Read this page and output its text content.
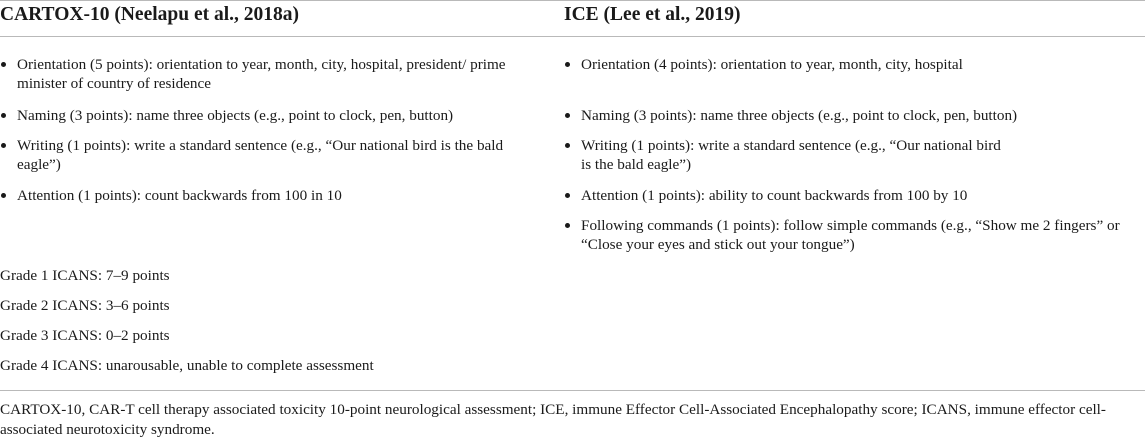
CARTOX-10 (Neelapu et al., 2018a)	ICE (Lee et al., 2019)
Orientation (5 points): orientation to year, month, city, hospital, president/ prime minister of country of residence
Naming (3 points): name three objects (e.g., point to clock, pen, button)
Writing (1 points): write a standard sentence (e.g., “Our national bird is the bald eagle”)
Attention (1 points): count backwards from 100 in 10
Orientation (4 points): orientation to year, month, city, hospital
Naming (3 points): name three objects (e.g., point to clock, pen, button)
Writing (1 points): write a standard sentence (e.g., “Our national bird is the bald eagle”)
Attention (1 points): ability to count backwards from 100 by 10
Following commands (1 points): follow simple commands (e.g., “Show me 2 fingers” or “Close your eyes and stick out your tongue”)
Grade 1 ICANS: 7–9 points
Grade 2 ICANS: 3–6 points
Grade 3 ICANS: 0–2 points
Grade 4 ICANS: unarousable, unable to complete assessment
CARTOX-10, CAR-T cell therapy associated toxicity 10-point neurological assessment; ICE, immune Effector Cell-Associated Encephalopathy score; ICANS, immune effector cell-associated neurotoxicity syndrome.
